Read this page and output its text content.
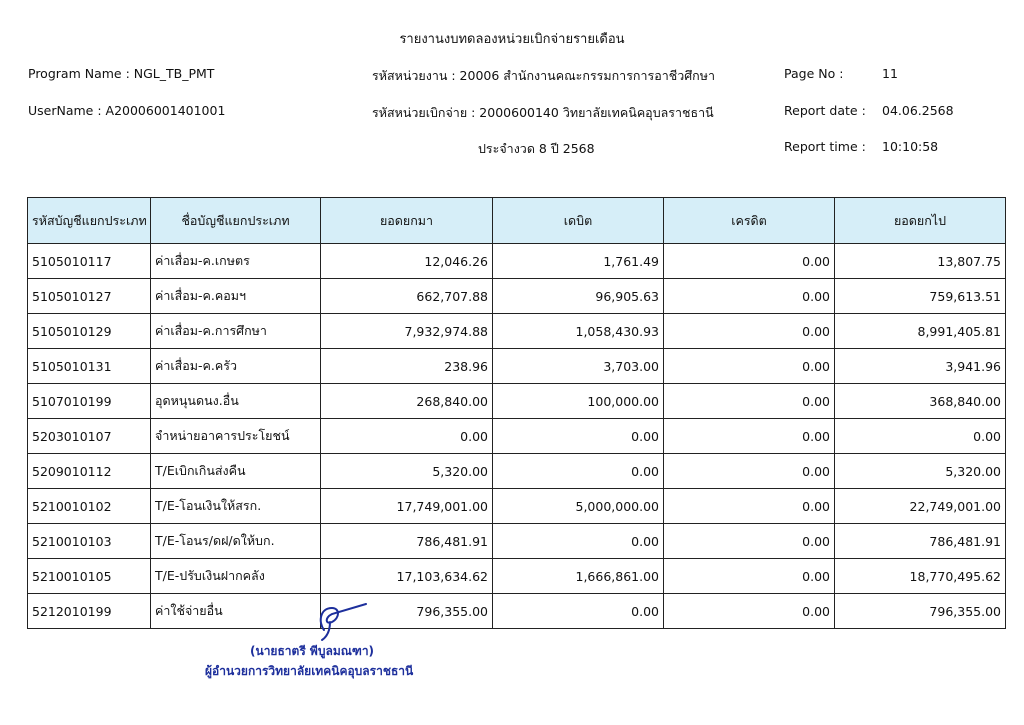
รายงานงบทดลองหน่วยเบิกจ่ายรายเดือน
Program Name : NGL_TB_PMT
UserName : A20006001401001
รหัสหน่วยงาน : 20006 สำนักงานคณะกรรมการการอาชีวศึกษา
รหัสหน่วยเบิกจ่าย : 2000600140 วิทยาลัยเทคนิคอุบลราชธานี
ประจำงวด 8 ปี 2568
Page No :	11
Report date : 04.06.2568
Report time : 10:10:58
รหัสบัญชีแยกประเภท	ชื่อบัญชีแยกประเภท	ยอดยกมา	เดบิต	เครดิต	ยอดยกไป
5105010117	ค่าเสื่อม-ค.เกษตร	12,046.26	1,761.49	0.00	13,807.75
5105010127	ค่าเสื่อม-ค.คอมฯ	662,707.88	96,905.63	0.00	759,613.51
5105010129	ค่าเสื่อม-ค.การศึกษา	7,932,974.88	1,058,430.93	0.00	8,991,405.81
5105010131	ค่าเสื่อม-ค.ครัว	238.96	3,703.00	0.00	3,941.96
5107010199	อุดหนุนดนง.อื่น	268,840.00	100,000.00	0.00	368,840.00
5203010107	จำหน่ายอาคารประโยชน์	0.00	0.00	0.00	0.00
5209010112	T/Eเบิกเกินส่งคืน	5,320.00	0.00	0.00	5,320.00
5210010102	T/E-โอนเงินให้สรก.	17,749,001.00	5,000,000.00	0.00	22,749,001.00
5210010103	T/E-โอนร/ดฝ/ดให้บก.	786,481.91	0.00	0.00	786,481.91
5210010105	T/E-ปรับเงินฝากคลัง	17,103,634.62	1,666,861.00	0.00	18,770,495.62
5212010199	ค่าใช้จ่ายอื่น	796,355.00	0.00	0.00	796,355.00
(นายธาตรี พีบูลมณฑา)
ผู้อำนวยการวิทยาลัยเทคนิคอุบลราชธานี
